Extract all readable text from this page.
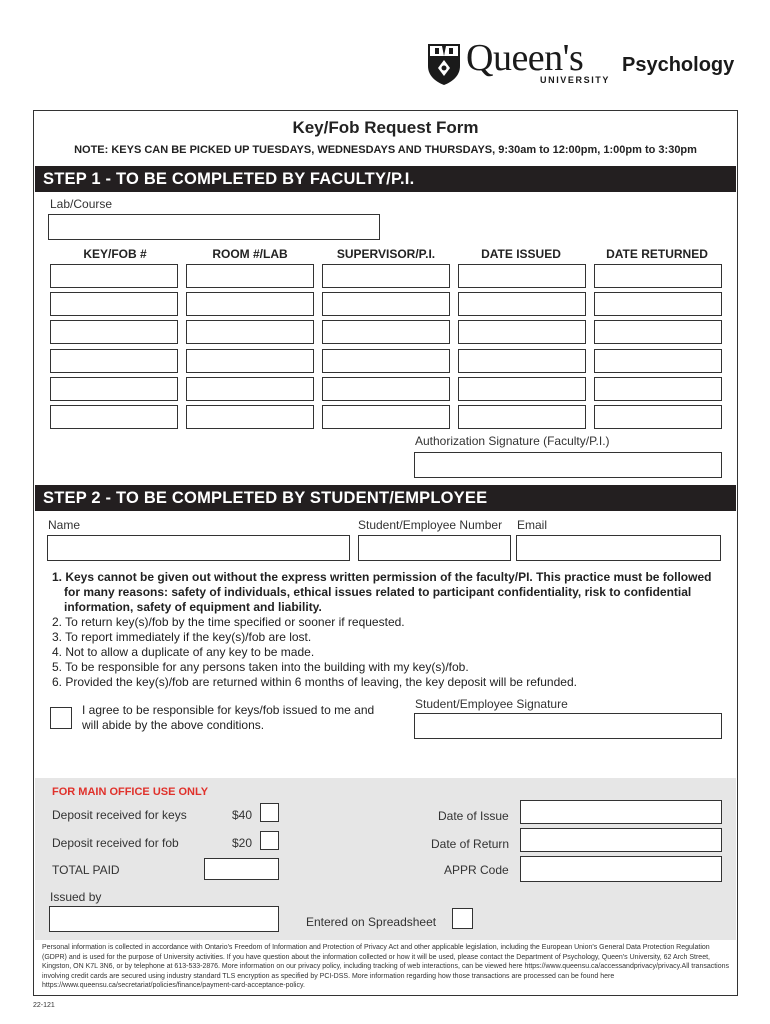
Queen's
UNIVERSITY
Psychology
Key/Fob Request Form
NOTE: KEYS CAN BE PICKED UP TUESDAYS, WEDNESDAYS AND THURSDAYS, 9:30am to 12:00pm, 1:00pm to 3:30pm
STEP 1 - TO BE COMPLETED BY FACULTY/P.I.
Lab/Course
KEY/FOB #	ROOM #/LAB	SUPERVISOR/P.I.	DATE ISSUED	DATE RETURNED
Authorization Signature (Faculty/P.I.)
STEP 2 - TO BE COMPLETED BY STUDENT/EMPLOYEE
Name	Student/Employee Number Email
1. Keys cannot be given out without the express written permission of the faculty/PI. This practice must be followed for many reasons: safety of individuals, ethical issues related to participant confidentiality, risk to confidential information, safety of equipment and liability.
2. To return key(s)/fob by the time specified or sooner if requested.
3. To report immediately if the key(s)/fob are lost.
4. Not to allow a duplicate of any key to be made.
5. To be responsible for any persons taken into the building with my key(s)/fob.
6. Provided the key(s)/fob are returned within 6 months of leaving, the key deposit will be refunded.
I agree to be responsible for keys/fob issued to me and will abide by the above conditions.
Student/Employee Signature
FOR MAIN OFFICE USE ONLY
Deposit received for keys	$40
Deposit received for fob	$20
TOTAL PAID
Issued by
Date of Issue
Date of Return
APPR Code
Entered on Spreadsheet
Personal information is collected in accordance with Ontario's Freedom of Information and Protection of Privacy Act and other applicable legislation, including the European Union's General Data Protection Regulation (GDPR) and is used for the purpose of University activities. If you have question about the information collected or how it will be used, please contact the Department of Psychology, Queen's University, 62 Arch Street, Kingston, ON K7L 3N6, or by telephone at 613-533-2876. More information on our privacy policy, including tracking of web interactions, can be viewed here https://www.queensu.ca/accessandprivacy/privacy.All transactions involving credit cards are secured using industry standard TLS encryption as specified by PCI-DSS. More information regarding how those transactions are processed can be found here https://www.queensu.ca/secretariat/policies/finance/payment-card-acceptance-policy.
22-121
